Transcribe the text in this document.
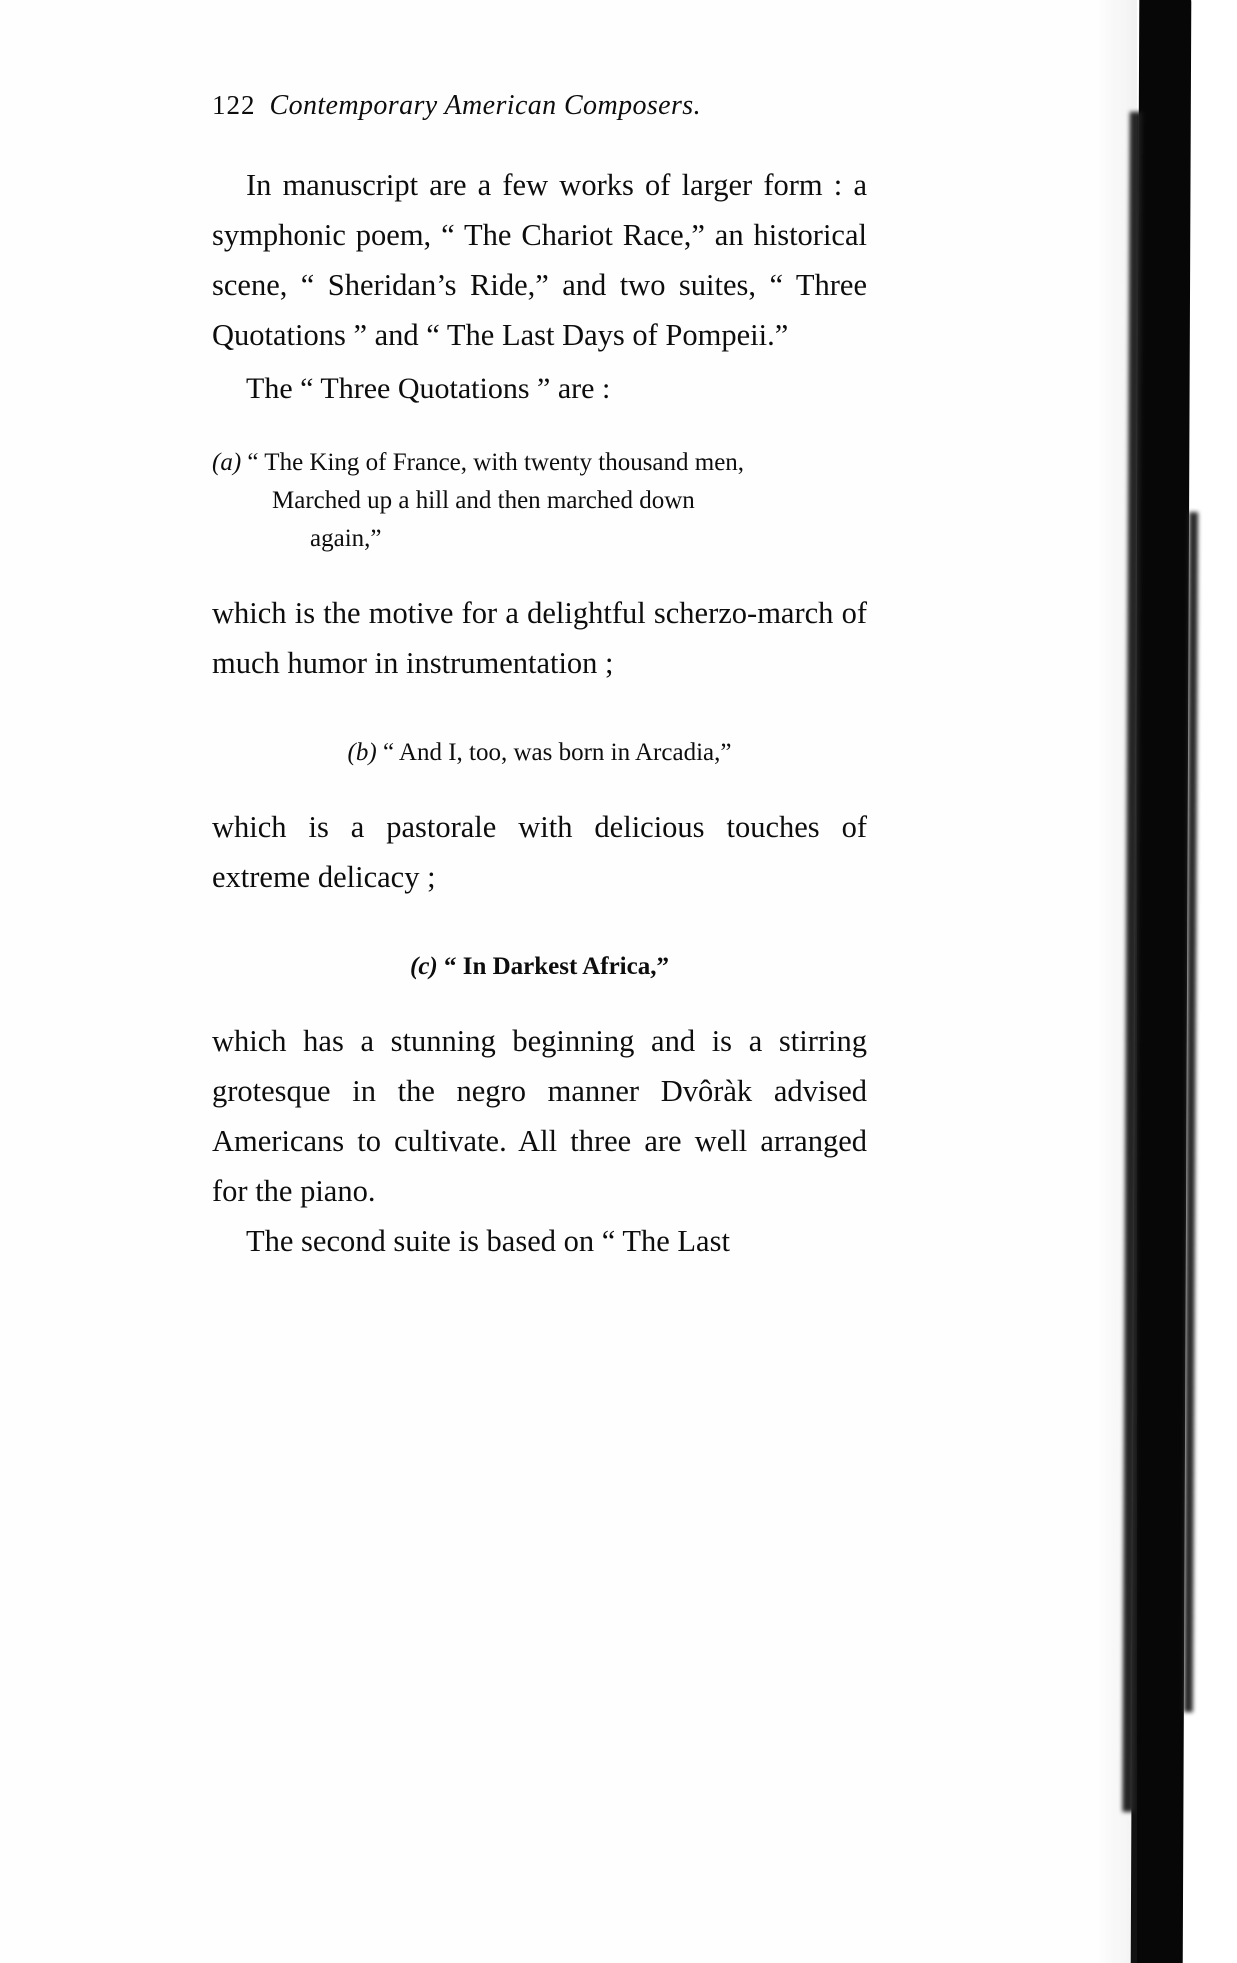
122 Contemporary American Composers.

In manuscript are a few works of larger form : a symphonic poem, “ The Chariot Race,” an historical scene, “ Sheridan’s Ride,” and two suites, “ Three Quotations ” and “ The Last Days of Pompeii.”

The “ Three Quotations ” are :

(a) “ The King of France, with twenty thousand men,
Marched up a hill and then marched down
again,”

which is the motive for a delightful scherzo-march of much humor in instrumentation ;

(b) “ And I, too, was born in Arcadia,”

which is a pastorale with delicious touches of extreme delicacy ;

(c) “ In Darkest Africa,”

which has a stunning beginning and is a stirring grotesque in the negro manner Dvôràk advised Americans to cultivate. All three are well arranged for the piano.

The second suite is based on “ The Last
